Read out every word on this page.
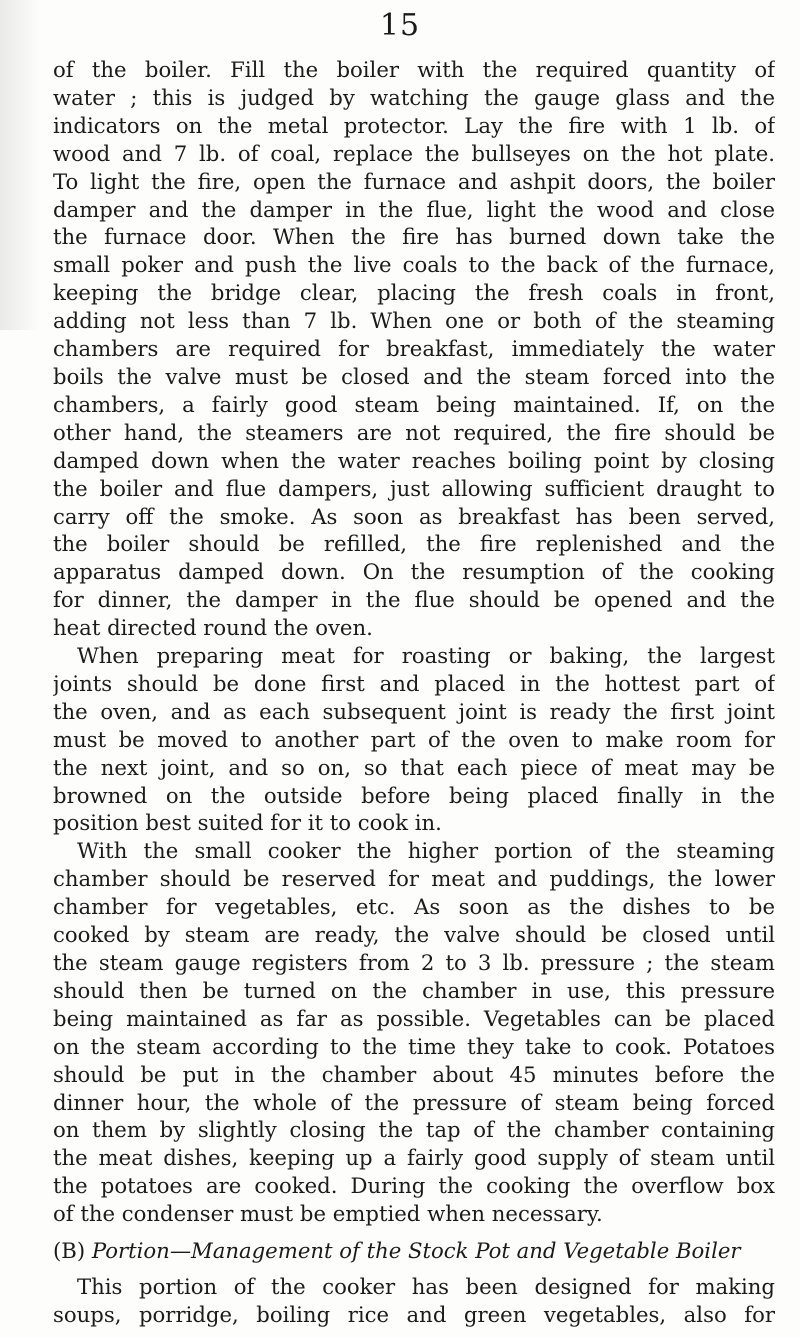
15
of the boiler. Fill the boiler with the required quantity of
water ; this is judged by watching the gauge glass and the
indicators on the metal protector. Lay the fire with 1 lb. of
wood and 7 lb. of coal, replace the bullseyes on the hot plate.
To light the fire, open the furnace and ashpit doors, the boiler
damper and the damper in the flue, light the wood and close
the furnace door. When the fire has burned down take the
small poker and push the live coals to the back of the furnace,
keeping the bridge clear, placing the fresh coals in front,
adding not less than 7 lb. When one or both of the steaming
chambers are required for breakfast, immediately the water
boils the valve must be closed and the steam forced into the
chambers, a fairly good steam being maintained. If, on the
other hand, the steamers are not required, the fire should be
damped down when the water reaches boiling point by closing
the boiler and flue dampers, just allowing sufficient draught to
carry off the smoke. As soon as breakfast has been served,
the boiler should be refilled, the fire replenished and the
apparatus damped down. On the resumption of the cooking
for dinner, the damper in the flue should be opened and the
heat directed round the oven.
When preparing meat for roasting or baking, the largest
joints should be done first and placed in the hottest part of
the oven, and as each subsequent joint is ready the first joint
must be moved to another part of the oven to make room for
the next joint, and so on, so that each piece of meat may be
browned on the outside before being placed finally in the
position best suited for it to cook in.
With the small cooker the higher portion of the steaming
chamber should be reserved for meat and puddings, the lower
chamber for vegetables, etc. As soon as the dishes to be
cooked by steam are ready, the valve should be closed until
the steam gauge registers from 2 to 3 lb. pressure ; the steam
should then be turned on the chamber in use, this pressure
being maintained as far as possible. Vegetables can be placed
on the steam according to the time they take to cook. Potatoes
should be put in the chamber about 45 minutes before the
dinner hour, the whole of the pressure of steam being forced
on them by slightly closing the tap of the chamber containing
the meat dishes, keeping up a fairly good supply of steam until
the potatoes are cooked. During the cooking the overflow box
of the condenser must be emptied when necessary.
(B) Portion—Management of the Stock Pot and Vegetable Boiler
This portion of the cooker has been designed for making
soups, porridge, boiling rice and green vegetables, also for
